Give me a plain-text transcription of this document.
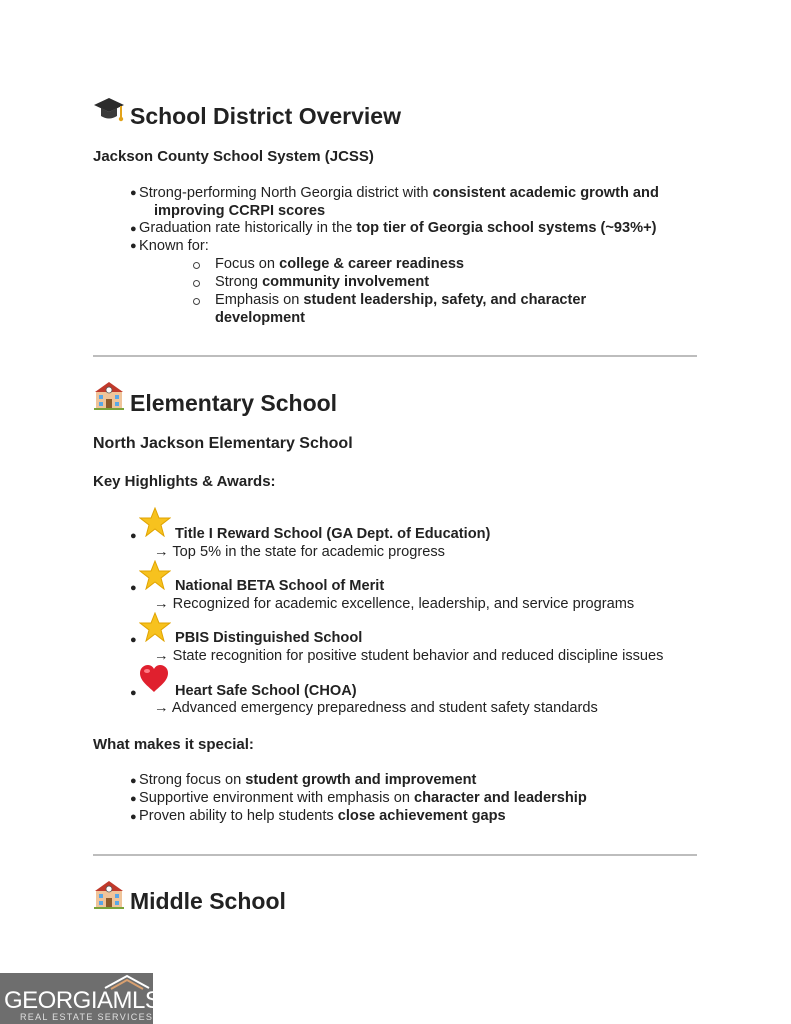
School District Overview
Jackson County School System (JCSS)
● Strong-performing North Georgia district with consistent academic growth and
improving CCRPI scores
● Graduation rate historically in the top tier of Georgia school systems (~93%+)
● Known for:
Focus on college & career readiness
Strong community involvement
Emphasis on student leadership, safety, and character
development
Elementary School
North Jackson Elementary School
Key Highlights & Awards:
●	Title I Reward School (GA Dept. of Education)
→ Top 5% in the state for academic progress
●	National BETA School of Merit
→ Recognized for academic excellence, leadership, and service programs
●	PBIS Distinguished School
→ State recognition for positive student behavior and reduced discipline issues
●	Heart Safe School (CHOA)
→ Advanced emergency preparedness and student safety standards
What makes it special:
● Strong focus on student growth and improvement
● Supportive environment with emphasis on character and leadership
● Proven ability to help students close achievement gaps
Middle School
GEORGIAMLS
REAL ESTATE SERVICES
